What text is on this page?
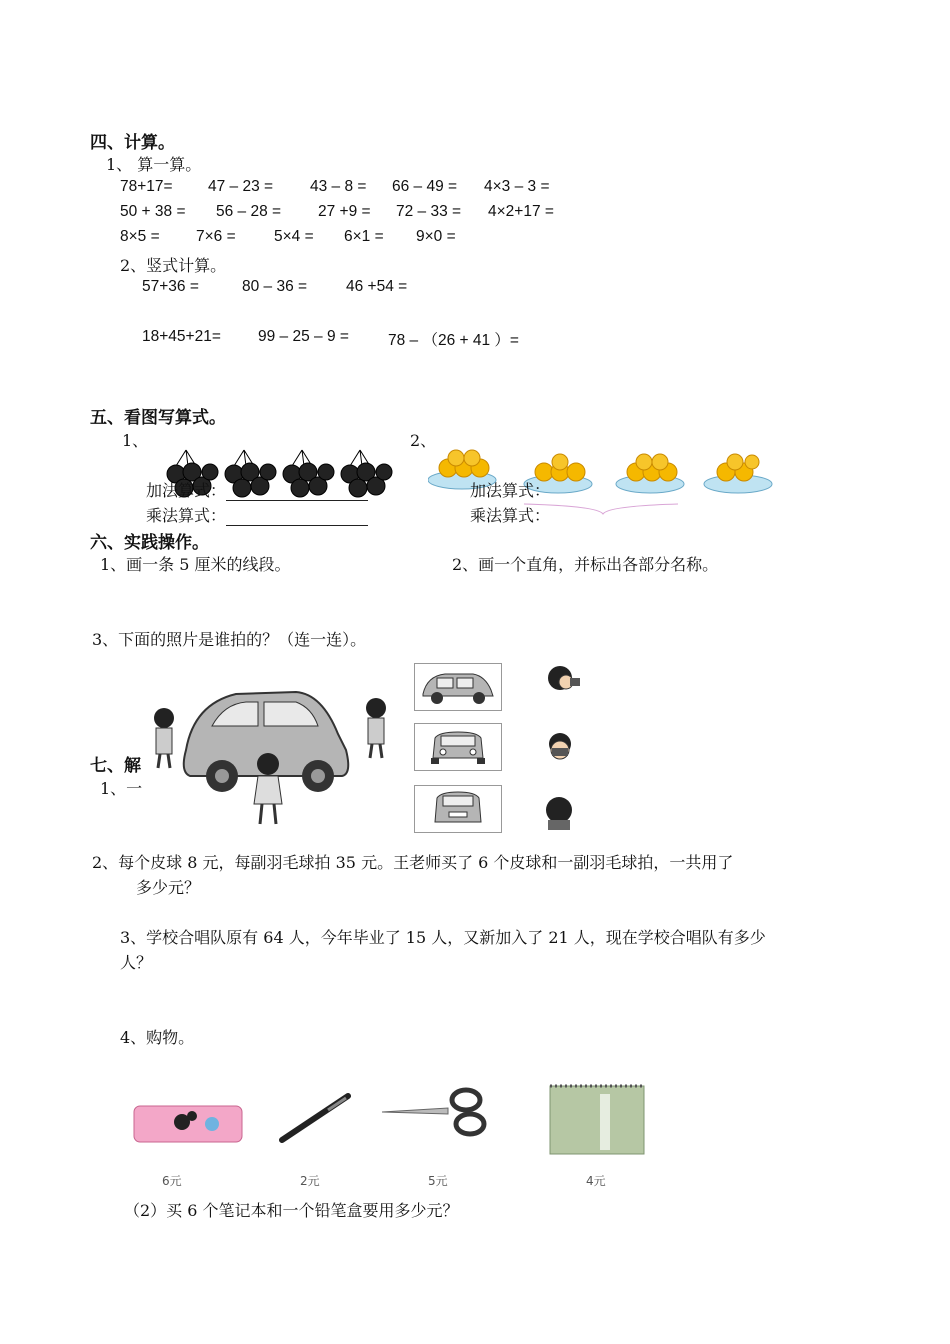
四、计算。
1、 算一算。
78+17= 47 – 23 = 43 – 8 = 66 – 49 = 4×3 – 3 =
50 + 38 = 56 – 28 = 27 +9 = 72 – 33 = 4×2+17 =
8×5 = 7×6 = 5×4 = 6×1 = 9×0 =
2、竖式计算。
57+36 =	80 – 36 =	46 +54 =
18+45+21= 99 – 25 – 9 =	78 – （26 + 41 ）=
五、看图写算式。
1、	2、
加法算式：
乘法算式：
加法算式：
乘法算式：
六、实践操作。
1、画一条 5 厘米的线段。	2、画一个直角，并标出各部分名称。
3、下面的照片是谁拍的？（连一连）。
七、解
1、一
2、每个皮球 8 元，每副羽毛球拍 35 元。王老师买了 6 个皮球和一副羽毛球拍，一共用了
多少元？
3、学校合唱队原有 64 人，今年毕业了 15 人，又新加入了 21 人，现在学校合唱队有多少
人？
4、购物。
6元	2元	5元	4元
（2）买 6 个笔记本和一个铅笔盒要用多少元？
